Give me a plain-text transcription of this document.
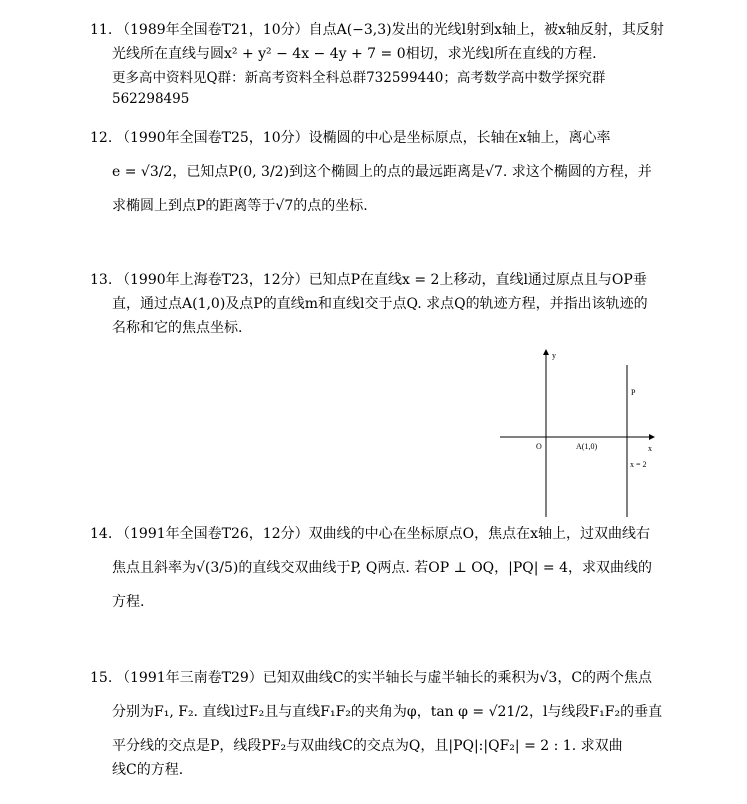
11. （1989年全国卷T21，10分）自点A(−3,3)发出的光线l射到x轴上，被x轴反射，其反射
光线所在直线与圆x² + y² − 4x − 4y + 7 = 0相切，求光线l所在直线的方程.
更多高中资料见Q群：新高考资料全科总群732599440；高考数学高中数学探究群
562298495
12. （1990年全国卷T25，10分）设椭圆的中心是坐标原点，长轴在x轴上，离心率
e = √3/2，已知点P(0, 3/2)到这个椭圆上的点的最远距离是√7. 求这个椭圆的方程，并
求椭圆上到点P的距离等于√7的点的坐标.
13. （1990年上海卷T23，12分）已知点P在直线x = 2上移动，直线l通过原点且与OP垂
直，通过点A(1,0)及点P的直线m和直线l交于点Q. 求点Q的轨迹方程，并指出该轨迹的
名称和它的焦点坐标.
y
x
O	A(1,0)
P
x = 2
14. （1991年全国卷T26，12分）双曲线的中心在坐标原点O，焦点在x轴上，过双曲线右
焦点且斜率为√(3/5)的直线交双曲线于P, Q两点. 若OP ⊥ OQ，|PQ| = 4，求双曲线的
方程.
15. （1991年三南卷T29）已知双曲线C的实半轴长与虚半轴长的乘积为√3，C的两个焦点
分别为F₁, F₂. 直线l过F₂且与直线F₁F₂的夹角为φ，tan φ = √21/2，l与线段F₁F₂的垂直
平分线的交点是P，线段PF₂与双曲线C的交点为Q，且|PQ|:|QF₂| = 2 : 1. 求双曲
线C的方程.
